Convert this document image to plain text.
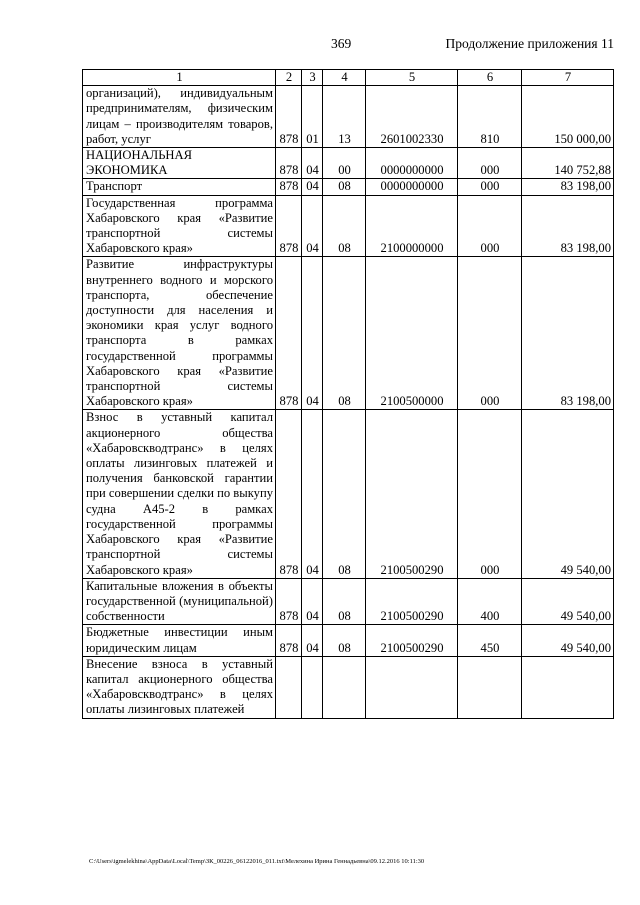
369	Продолжение приложения 11
1	2	3	4	5	6	7
организаций), индивидуальным предпринимателям, физическим лицам – производителям товаров, работ, услуг	878	01	13	2601002330	810	150 000,00
НАЦИОНАЛЬНАЯ ЭКОНОМИКА	878	04	00	0000000000	000	140 752,88
Транспорт	878	04	08	0000000000	000	83 198,00
Государственная программа Хабаровского края «Развитие транспортной системы Хабаровского края»	878	04	08	2100000000	000	83 198,00
Развитие инфраструктуры внутреннего водного и морского транспорта, обеспечение доступности для населения и экономики края услуг водного транспорта в рамках государственной программы Хабаровского края «Развитие транспортной системы Хабаровского края»	878	04	08	2100500000	000	83 198,00
Взнос в уставный капитал акционерного общества «Хабаровскводтранс» в целях оплаты лизинговых платежей и получения банковской гарантии при совершении сделки по выкупу судна А45-2 в рамках государственной программы Хабаровского края «Развитие транспортной системы Хабаровского края»	878	04	08	2100500290	000	49 540,00
Капитальные вложения в объекты государственной (муниципальной) собственности	878	04	08	2100500290	400	49 540,00
Бюджетные инвестиции иным юридическим лицам	878	04	08	2100500290	450	49 540,00
Внесение взноса в уставный капитал акционерного общества «Хабаровскводтранс» в целях оплаты лизинговых платежей						
C:\Users\igmelekhina\AppData\Local\Temp\ЗК_00226_06122016_011.txt\Мелехина Ирина Геннадьевна\09.12.2016 10:11:30
